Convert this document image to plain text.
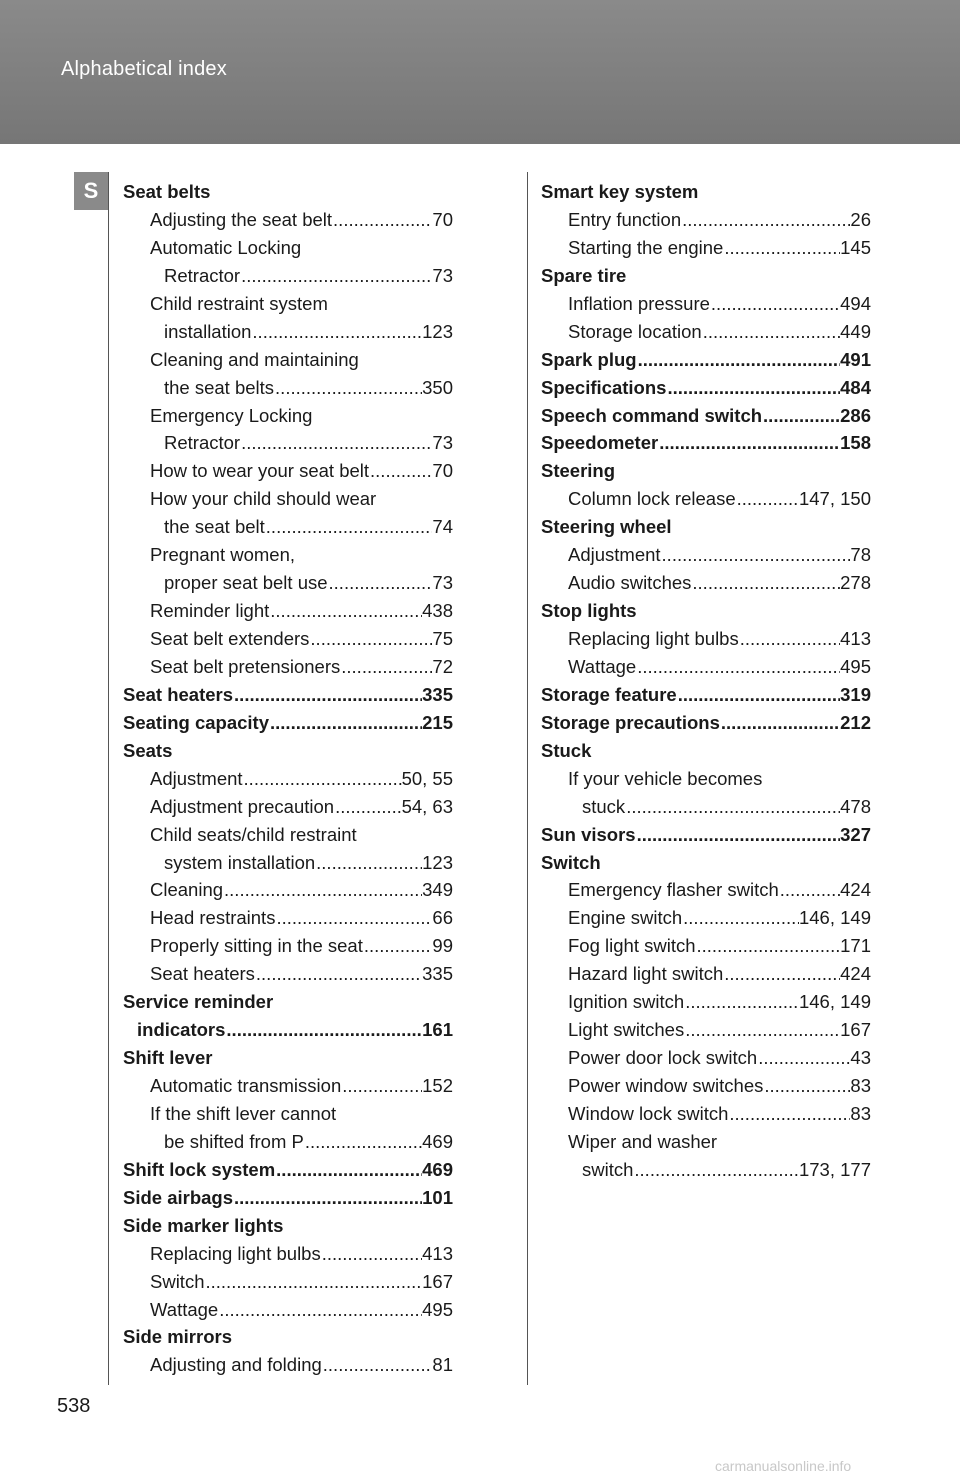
Alphabetical index
S	Seat belts
Adjusting the seat belt .....	70
Automatic Locking
Retractor .....	73
Child restraint system
installation .....	123
Cleaning and maintaining
the seat belts .....	350
Emergency Locking
Retractor .....	73
How to wear your seat belt .....	70
How your child should wear
the seat belt .....	74
Pregnant women,
proper seat belt use .....	73
Reminder light .....	438
Seat belt extenders .....	75
Seat belt pretensioners .....	72
Seat heaters .....	335
Seating capacity .....	215
Seats
Adjustment .....	50, 55
Adjustment precaution .....	54, 63
Child seats/child restraint
system installation .....	123
Cleaning .....	349
Head restraints .....	66
Properly sitting in the seat .....	99
Seat heaters .....	335
Service reminder
indicators .....	161
Shift lever
Automatic transmission .....	152
If the shift lever cannot
be shifted from P .....	469
Shift lock system .....	469
Side airbags .....	101
Side marker lights
Replacing light bulbs .....	413
Switch .....	167
Wattage .....	495
Side mirrors
Adjusting and folding .....	81
Smart key system
Entry function .....	26
Starting the engine .....	145
Spare tire
Inflation pressure .....	494
Storage location .....	449
Spark plug .....	491
Specifications .....	484
Speech command switch .....	286
Speedometer .....	158
Steering
Column lock release .....	147, 150
Steering wheel
Adjustment .....	78
Audio switches .....	278
Stop lights
Replacing light bulbs .....	413
Wattage .....	495
Storage feature .....	319
Storage precautions .....	212
Stuck
If your vehicle becomes
stuck .....	478
Sun visors .....	327
Switch
Emergency flasher switch .....	424
Engine switch .....	146, 149
Fog light switch .....	171
Hazard light switch .....	424
Ignition switch .....	146, 149
Light switches .....	167
Power door lock switch .....	43
Power window switches .....	83
Window lock switch .....	83
Wiper and washer
switch .....	173, 177
538
carmanualsonline.info
